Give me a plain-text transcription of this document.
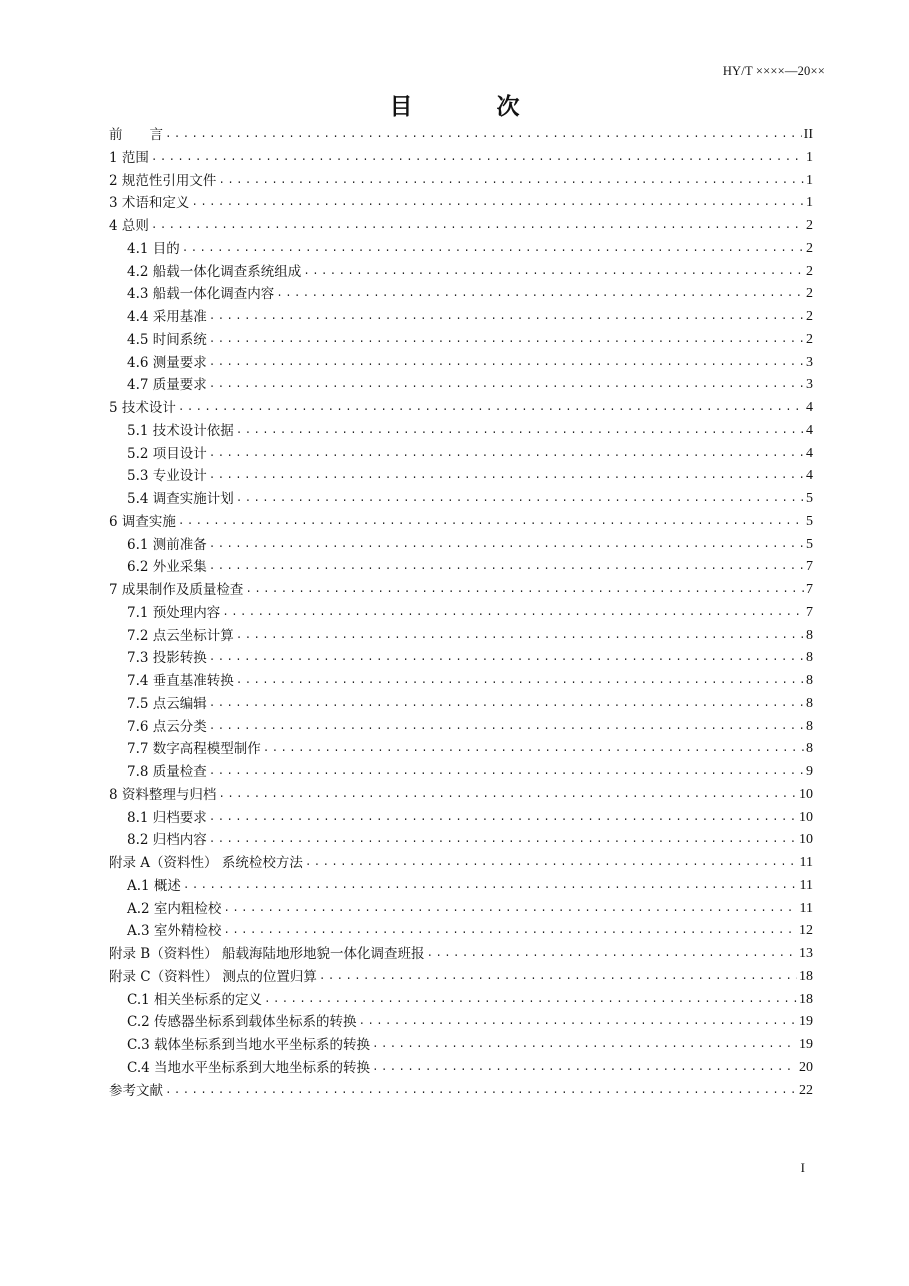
HY/T ××××—20××
目 次
前　　言 .....	II
1 范围 .....	1
2 规范性引用文件 .....	1
3 术语和定义 .....	1
4 总则 .....	2
4.1 目的 .....	2
4.2 船载一体化调查系统组成 .....	2
4.3 船载一体化调查内容 .....	2
4.4 采用基准 .....	2
4.5 时间系统 .....	2
4.6 测量要求 .....	3
4.7 质量要求 .....	3
5 技术设计 .....	4
5.1 技术设计依据 .....	4
5.2 项目设计 .....	4
5.3 专业设计 .....	4
5.4 调查实施计划 .....	5
6 调查实施 .....	5
6.1 测前准备 .....	5
6.2 外业采集 .....	7
7 成果制作及质量检查 .....	7
7.1 预处理内容 .....	7
7.2 点云坐标计算 .....	8
7.3 投影转换 .....	8
7.4 垂直基准转换 .....	8
7.5 点云编辑 .....	8
7.6 点云分类 .....	8
7.7 数字高程模型制作 .....	8
7.8 质量检查 .....	9
8 资料整理与归档 .....	10
8.1 归档要求 .....	10
8.2 归档内容 .....	10
附录 A（资料性） 系统检校方法 .....	11
A.1 概述 .....	11
A.2 室内粗检校 .....	11
A.3 室外精检校 .....	12
附录 B（资料性） 船载海陆地形地貌一体化调查班报 .....	13
附录 C（资料性） 测点的位置归算 .....	18
C.1 相关坐标系的定义 .....	18
C.2 传感器坐标系到载体坐标系的转换 .....	19
C.3 载体坐标系到当地水平坐标系的转换 .....	19
C.4 当地水平坐标系到大地坐标系的转换 .....	20
参考文献 .....	22
I
